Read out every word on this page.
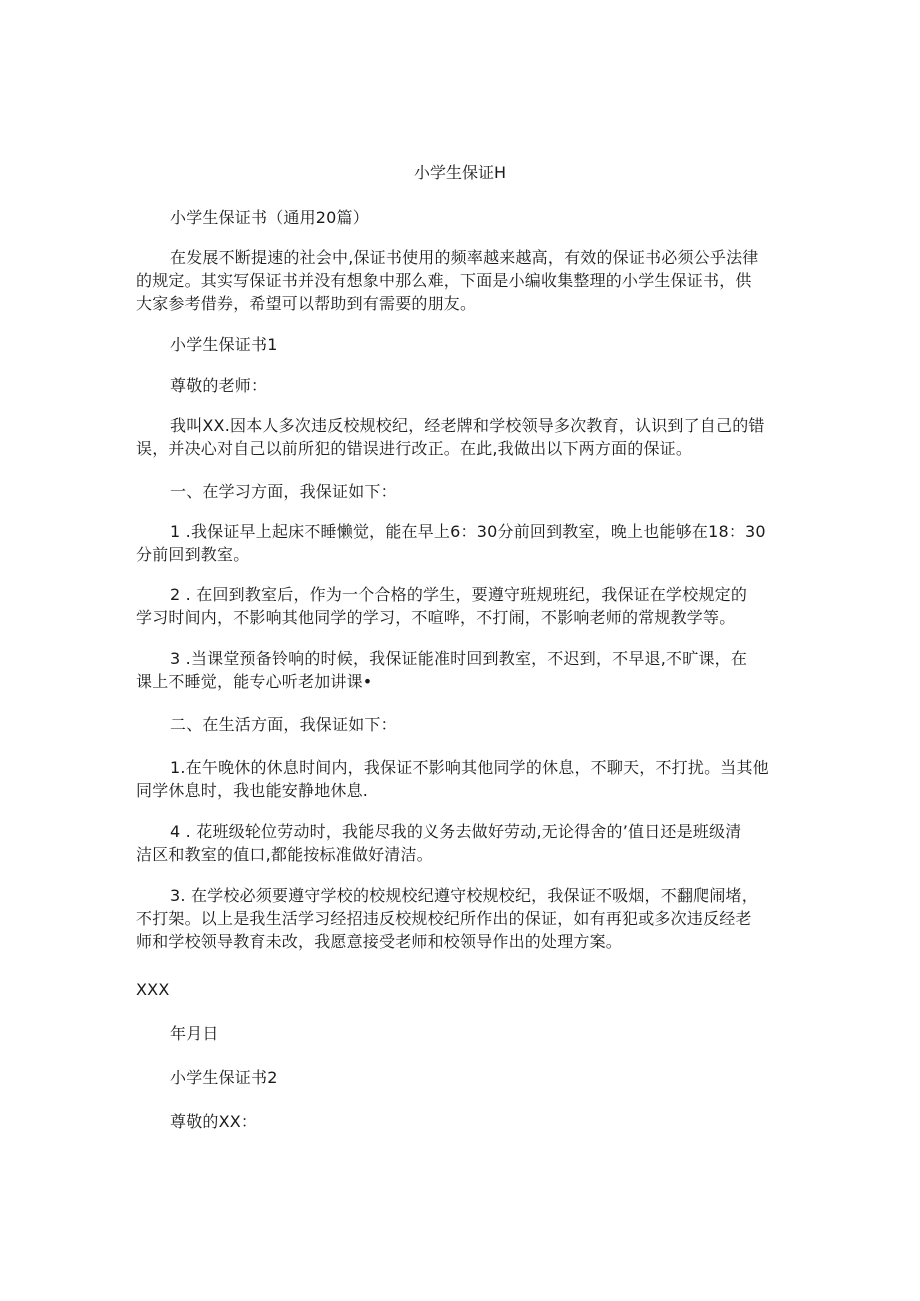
小学生保证H
小学生保证书（通用20篇）
在发展不断提速的社会中,保证书使用的频率越来越高，有效的保证书必须公乎法律
的规定。其实写保证书并没有想象中那么难，下面是小编收集整理的小学生保证书，供
大家参考借券，希望可以帮助到有需要的朋友。
小学生保证书1
尊敬的老师：
我叫XX.因本人多次违反校规校纪，经老牌和学校领导多次教育，认识到了自己的错
误，并决心对自己以前所犯的错误进行改正。在此,我做出以下两方面的保证。
一、在学习方面，我保证如下：
1 .我保证早上起床不睡懒觉，能在早上6：30分前回到教室，晚上也能够在18：30
分前回到教室。
2 . 在回到教室后，作为一个合格的学生，要遵守班规班纪，我保证在学校规定的
学习时间内，不影响其他同学的学习，不喧哗，不打闹，不影响老师的常规教学等。
3 .当课堂预备铃响的时候，我保证能准时回到教室，不迟到，不早退,不旷课，在
课上不睡觉，能专心听老加讲课•
二、在生活方面，我保证如下：
1.在午晚休的休息时间内，我保证不影响其他同学的休息，不聊天，不打扰。当其他
同学休息时，我也能安静地休息.
4 . 花班级轮位劳动时，我能尽我的义务去做好劳动,无论得舍的’值日还是班级清
洁区和教室的值口,都能按标准做好清洁。
3. 在学校必须要遵守学校的校规校纪遵守校规校纪，我保证不吸烟，不翻爬闹堵，
不打架。以上是我生活学习经招违反校规校纪所作出的保证，如有再犯或多次违反经老
师和学校领导教育未改，我愿意接受老师和校领导作出的处理方案。
XXX
年月日
小学生保证书2
尊敬的XX：
